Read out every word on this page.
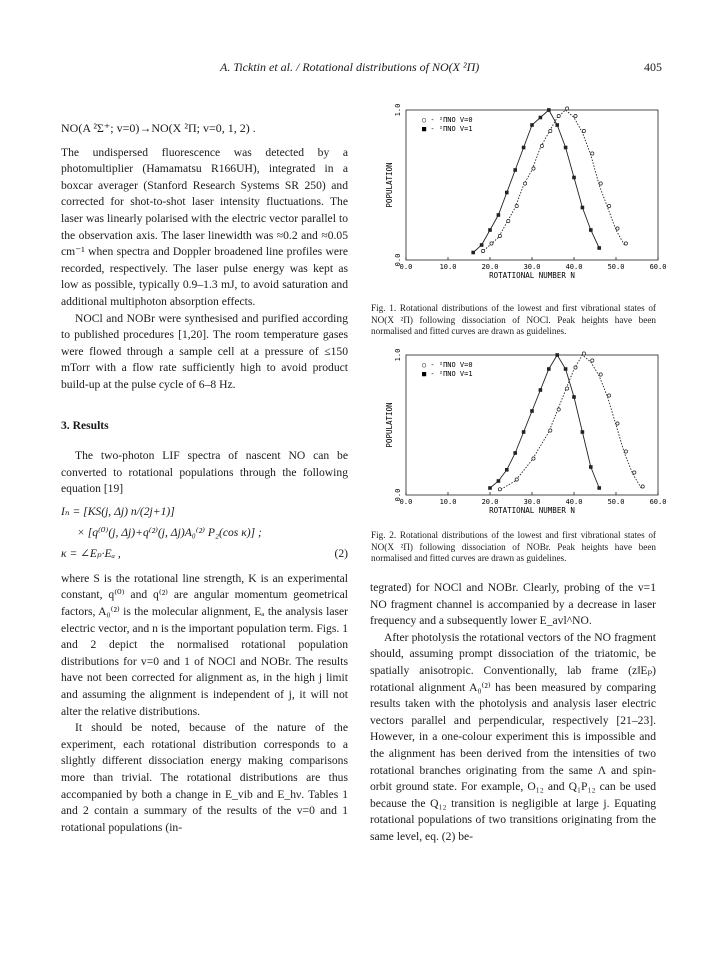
A. Ticktin et al. / Rotational distributions of NO(X ²Π)	405

NO(A ²Σ⁺; v=0)→NO(X ²Π; v=0, 1, 2) .

The undispersed fluorescence was detected by a photomultiplier (Hamamatsu R166UH), integrated in a boxcar averager (Stanford Research Systems SR 250) and corrected for shot-to-shot laser intensity fluctuations. The laser was linearly polarised with the electric vector parallel to the observation axis. The laser linewidth was ≈0.2 and ≈0.05 cm⁻¹ when spectra and Doppler broadened line profiles were recorded, respectively. The laser pulse energy was kept as low as possible, typically 0.9–1.3 mJ, to avoid saturation and additional multiphoton absorption effects.

NOCl and NOBr were synthesised and purified according to published procedures [1,20]. The room temperature gases were flowed through a sample cell at a pressure of ≤150 mTorr with a flow rate sufficiently high to avoid product build-up at the pulse cycle of 6–8 Hz.

3. Results

The two-photon LIF spectra of nascent NO can be converted to rotational populations through the following equation [19]

Iₙ = [KS(j, Δj) n/(2j+1)]
× [q⁽⁰⁾(j, Δj)+q⁽²⁾(j, Δj)A₀⁽²⁾ P₂(cos κ)] ;
κ = ∠Eₚ·Eₐ ,	(2)

where S is the rotational line strength, K is an experimental constant, q⁽⁰⁾ and q⁽²⁾ are angular momentum geometrical factors, A₀⁽²⁾ is the molecular alignment, Eₐ the analysis laser electric vector, and n is the important population term. Figs. 1 and 2 depict the normalised rotational population distributions for v=0 and 1 of NOCl and NOBr. The results have not been corrected for alignment as, in the high j limit and assuming the alignment is independent of j, it will not alter the relative distributions.

It should be noted, because of the nature of the experiment, each rotational distribution corresponds to a slightly different dissociation energy making comparisons more than trivial. The rotational distributions are thus accompanied by both a change in E_vib and E_hν. Tables 1 and 2 contain a summary of the results of the v=0 and 1 rotational populations (in-

0.0	10.0	20.0	30.0	40.0	50.0	60.0
0.0
1.0
ROTATIONAL NUMBER N
POPULATION
○ - ²ΠNO V=0
■ - ²ΠNO V=1
Fig. 1. Rotational distributions of the lowest and first vibrational states of NO(X ²Π) following dissociation of NOCl. Peak heights have been normalised and fitted curves are drawn as guidelines.
0.0	10.0	20.0	30.0	40.0	50.0	60.0
0.0
1.0
ROTATIONAL NUMBER N
POPULATION
○ - ²ΠNO V=0
■ - ²ΠNO V=1
Fig. 2. Rotational distributions of the lowest and first vibrational states of NO(X ²Π) following dissociation of NOBr. Peak heights have been normalised and fitted curves are drawn as guidelines.

tegrated) for NOCl and NOBr. Clearly, probing of the v=1 NO fragment channel is accompanied by a decrease in laser frequency and a subsequently lower E_avl^NO.

After photolysis the rotational vectors of the NO fragment should, assuming prompt dissociation of the triatomic, be spatially anisotropic. Conventionally, lab frame (z‖Eₚ) rotational alignment A₀⁽²⁾ has been measured by comparing results taken with the photolysis and analysis laser electric vectors parallel and perpendicular, respectively [21–23]. However, in a one-colour experiment this is impossible and the alignment has been derived from the intensities of two rotational branches originating from the same Λ and spin-orbit ground state. For example, O₁₂ and Q₁P₁₂ can be used because the Q₁₂ transition is negligible at large j. Equating rotational populations of two transitions originating from the same level, eq. (2) be-
